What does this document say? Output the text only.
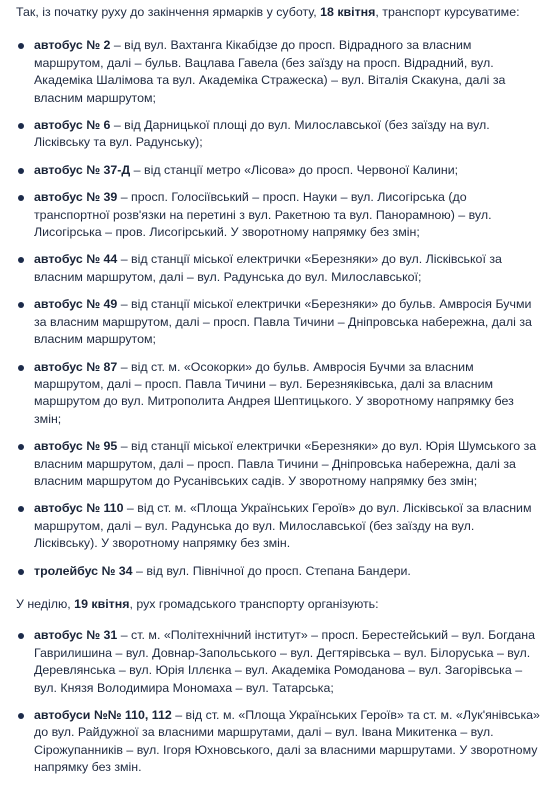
Так, із початку руху до закінчення ярмарків у суботу, 18 квітня, транспорт курсуватиме:

автобус № 2 – від вул. Вахтанга Кікабідзе до просп. Відрадного за власним маршрутом, далі – бульв. Вацлава Гавела (без заїзду на просп. Відрадний, вул. Академіка Шалімова та вул. Академіка Стражеска) – вул. Віталія Скакуна, далі за власним маршрутом;
автобус № 6 – від Дарницької площі до вул. Милославської (без заїзду на вул. Лісківську та вул. Радунську);
автобус № 37-Д – від станції метро «Лісова» до просп. Червоної Калини;
автобус № 39 – просп. Голосіївський – просп. Науки – вул. Лисогірська (до транспортної розв'язки на перетині з вул. Ракетною та вул. Панорамною) – вул. Лисогірська – пров. Лисогірський. У зворотному напрямку без змін;
автобус № 44 – від станції міської електрички «Березняки» до вул. Лісківської за власним маршрутом, далі – вул. Радунська до вул. Милославської;
автобус № 49 – від станції міської електрички «Березняки» до бульв. Амвросія Бучми за власним маршрутом, далі – просп. Павла Тичини – Дніпровська набережна, далі за власним маршрутом;
автобус № 87 – від ст. м. «Осокорки» до бульв. Амвросія Бучми за власним маршрутом, далі – просп. Павла Тичини – вул. Березняківська, далі за власним маршрутом до вул. Митрополита Андрея Шептицького. У зворотному напрямку без змін;
автобус № 95 – від станції міської електрички «Березняки» до вул. Юрія Шумського за власним маршрутом, далі – просп. Павла Тичини – Дніпровська набережна, далі за власним маршрутом до Русанівських садів. У зворотному напрямку без змін;
автобус № 110 – від ст. м. «Площа Українських Героїв» до вул. Лісківської за власним маршрутом, далі – вул. Радунська до вул. Милославської (без заїзду на вул. Лісківську). У зворотному напрямку без змін.
тролейбус № 34 – від вул. Північної до просп. Степана Бандери.

У неділю, 19 квітня, рух громадського транспорту організують:

автобус № 31 – ст. м. «Політехнічний інститут» – просп. Берестейський – вул. Богдана Гаврилишина – вул. Довнар-Запольського – вул. Дегтярівська – вул. Білоруська – вул. Деревлянська – вул. Юрія Іллєнка – вул. Академіка Ромоданова – вул. Загорівська – вул. Князя Володимира Мономаха – вул. Татарська;
автобуси №№ 110, 112 – від ст. м. «Площа Українських Героїв» та ст. м. «Лук'янівська» до вул. Райдужної за власними маршрутами, далі – вул. Івана Микитенка – вул. Сірожупанників – вул. Ігоря Юхновського, далі за власними маршрутами. У зворотному напрямку без змін.
